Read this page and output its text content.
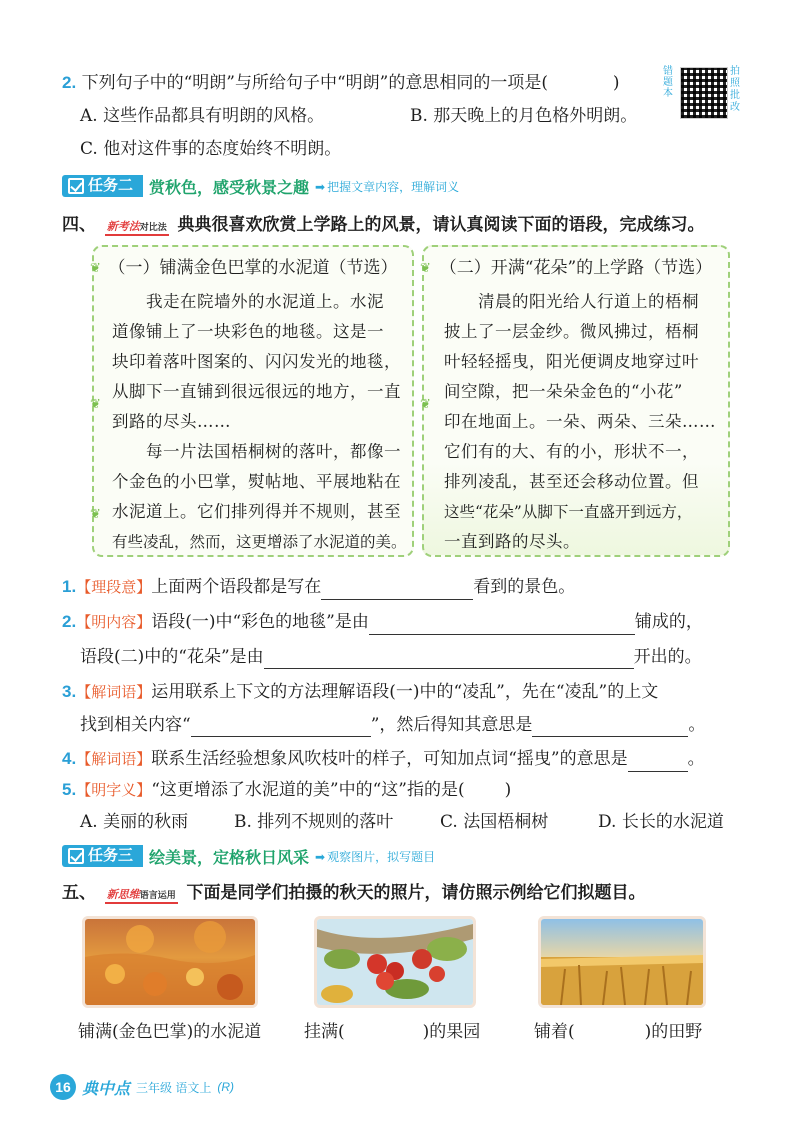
2. 下列句子中的“明朗”与所给句子中“明朗”的意思相同的一项是(	)
A. 这些作品都具有明朗的风格。	B. 那天晚上的月色格外明朗。
C. 他对这件事的态度始终不明朗。
错题本
拍照批改
任务二 赏秋色，感受秋景之趣	➡ 把握文章内容，理解词义
四、 新考法对比法 典典很喜欢欣赏上学路上的风景，请认真阅读下面的语段，完成练习。
❦
❦
❦
（一）铺满金色巴掌的水泥道（节选）
我走在院墙外的水泥道上。水泥
道像铺上了一块彩色的地毯。这是一
块印着落叶图案的、闪闪发光的地毯，
从脚下一直铺到很远很远的地方，一直
到路的尽头……
每一片法国梧桐树的落叶，都像一
个金色的小巴掌，熨帖地、平展地粘在
水泥道上。它们排列得并不规则，甚至
有些凌乱，然而，这更增添了水泥道的美。
❦
❦
（二）开满“花朵”的上学路（节选）
清晨的阳光给人行道上的梧桐
披上了一层金纱。微风拂过，梧桐
叶轻轻摇曳，阳光便调皮地穿过叶
间空隙，把一朵朵金色的“小花”
印在地面上。一朵、两朵、三朵……
它们有的大、有的小，形状不一，
排列凌乱，甚至还会移动位置。但
这些“花朵”从脚下一直盛开到远方，
一直到路的尽头。
1.【理段意】上面两个语段都是写在	看到的景色。
2.【明内容】语段(一)中“彩色的地毯”是由	铺成的，
语段(二)中的“花朵”是由	开出的。
3.【解词语】运用联系上下文的方法理解语段(一)中的“凌乱”，先在“凌乱”的上文
找到相关内容“	”，然后得知其意思是	。
4.【解词语】联系生活经验想象风吹枝叶的样子，可知加点词“摇曳”的意思是	。
5.【明字义】“这更增添了水泥道的美”中的“这”指的是( )
A. 美丽的秋雨	B. 排列不规则的落叶	C. 法国梧桐树	D. 长长的水泥道
任务三 绘美景，定格秋日风采	➡ 观察图片，拟写题目
五、 新思维语言运用 下面是同学们拍摄的秋天的照片，请仿照示例给它们拟题目。
铺满(金色巴掌)的水泥道	挂满(	)的果园	铺着(	)的田野
16 典中点 三年级 语文上 (R)
